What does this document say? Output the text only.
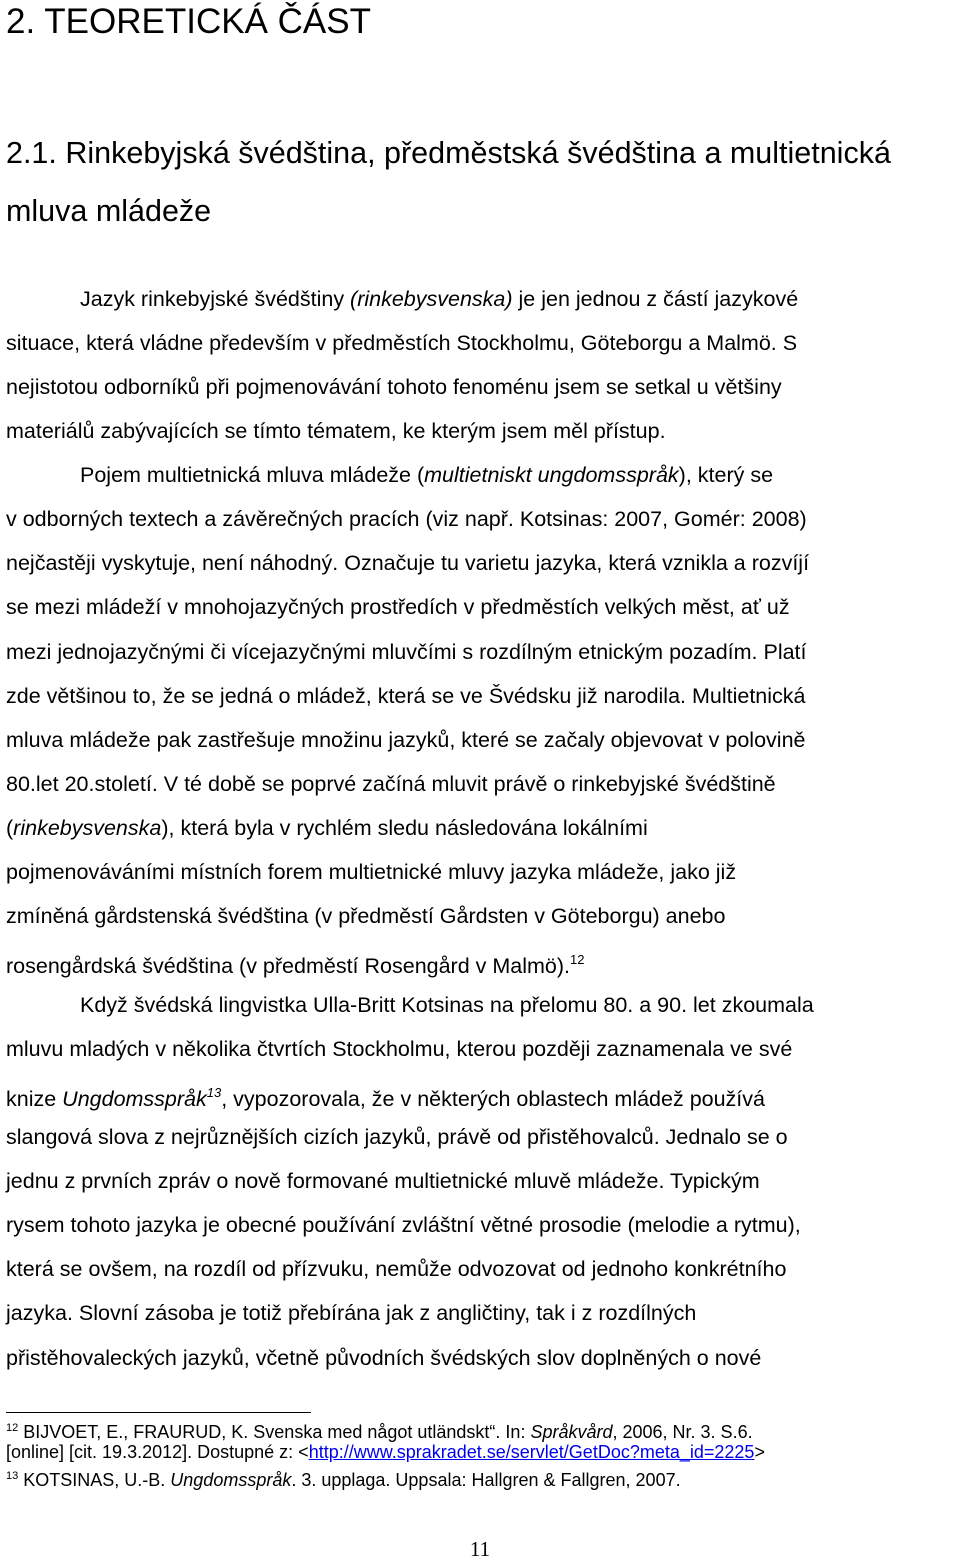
2. TEORETICKÁ ČÁST
2.1. Rinkebyjská švédština, předměstská švédština a multietnická mluva mládeže
Jazyk rinkebyjské švédštiny (rinkebysvenska) je jen jednou z částí jazykové
situace, která vládne především v předměstích Stockholmu, Göteborgu a Malmö. S
nejistotou odborníků při pojmenovávání tohoto fenoménu jsem se setkal u většiny
materiálů zabývajících se tímto tématem, ke kterým jsem měl přístup.
Pojem multietnická mluva mládeže (multietniskt ungdomsspråk), který se
v odborných textech a závěrečných pracích (viz např. Kotsinas: 2007, Gomér: 2008)
nejčastěji vyskytuje, není náhodný. Označuje tu varietu jazyka, která vznikla a rozvíjí
se mezi mládeží v mnohojazyčných prostředích v předměstích velkých měst, ať už
mezi jednojazyčnými či vícejazyčnými mluvčími s rozdílným etnickým pozadím. Platí
zde většinou to, že se jedná o mládež, která se ve Švédsku již narodila. Multietnická
mluva mládeže pak zastřešuje množinu jazyků, které se začaly objevovat v polovině
80.let 20.století. V té době se poprvé začíná mluvit právě o rinkebyjské švédštině
(rinkebysvenska), která byla v rychlém sledu následována lokálními
pojmenováváními místních forem multietnické mluvy jazyka mládeže, jako již
zmíněná gårdstenská švédština (v předměstí Gårdsten v Göteborgu) anebo
rosengårdská švédština (v předměstí Rosengård v Malmö).$^{12}$
Když švédská lingvistka Ulla-Britt Kotsinas na přelomu 80. a 90. let zkoumala
mluvu mladých v několika čtvrtích Stockholmu, kterou později zaznamenala ve své
knize Ungdomsspråk$^{13}$, vypozorovala, že v některých oblastech mládež používá
slangová slova z nejrůznějších cizích jazyků, právě od přistěhovalců. Jednalo se o
jednu z prvních zpráv o nově formované multietnické mluvě mládeže. Typickým
rysem tohoto jazyka je obecné používání zvláštní větné prosodie (melodie a rytmu),
která se ovšem, na rozdíl od přízvuku, nemůže odvozovat od jednoho konkrétního
jazyka. Slovní zásoba je totiž přebírána jak z angličtiny, tak i z rozdílných
přistěhovaleckých jazyků, včetně původních švédských slov doplněných o nové
$^{12}$ BIJVOET, E., FRAURUD, K. Svenska med något utländskt“. In: Språkvård, 2006, Nr. 3. S.6.
[online] [cit. 19.3.2012]. Dostupné z: <http://www.sprakradet.se/servlet/GetDoc?meta_id=2225>
$^{13}$ KOTSINAS, U.-B. Ungdomsspråk. 3. upplaga. Uppsala: Hallgren & Fallgren, 2007.
11
